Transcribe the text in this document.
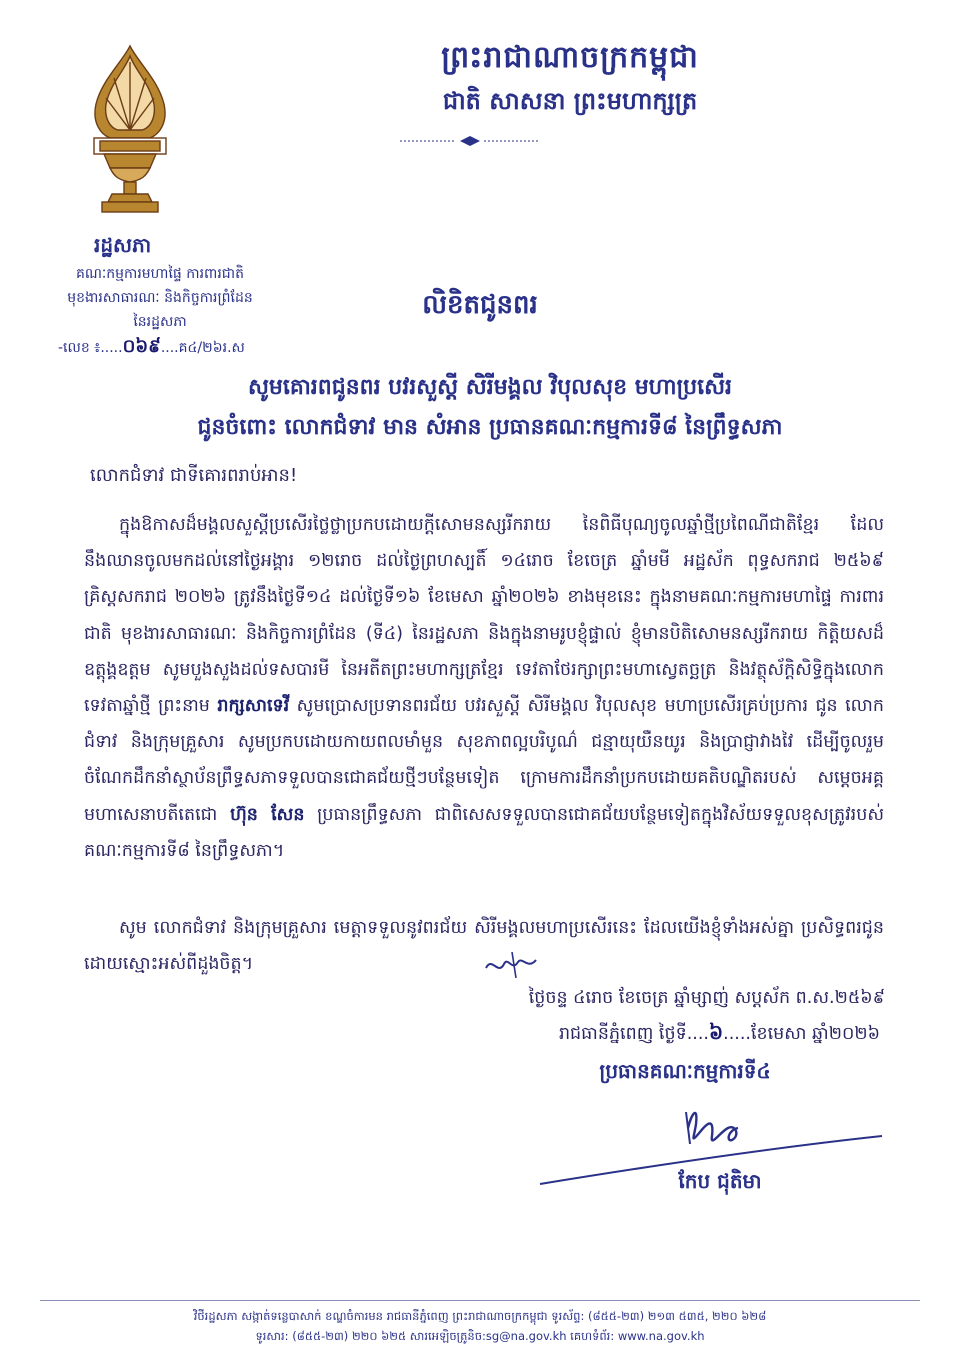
ព្រះរាជាណាចក្រកម្ពុជា
ជាតិ សាសនា ព្រះមហាក្សត្រ
រដ្ឋសភា
គណៈកម្មការមហាផ្ទៃ ការពារជាតិ
មុខងារសាធារណៈ និងកិច្ចការព្រំដែន
នៃរដ្ឋសភា
-លេខ ៖.....០៦៩....គ៤/២៦រ.ស
លិខិតជូនពរ
សូមគោរពជូនពរ បវរសួស្តី សិរីមង្គល វិបុលសុខ មហាប្រសើរ
ជូនចំពោះ លោកជំទាវ មាន សំអាន ប្រធានគណៈកម្មការទី៨ នៃព្រឹទ្ធសភា
លោកជំទាវ ជាទីគោរពរាប់អាន!

  ក្នុងឱកាសដ៏មង្គលសួស្តីប្រសើរថ្លៃថ្លាប្រកបដោយក្តីសោមនស្សរីករាយ នៃពិធីបុណ្យចូលឆ្នាំថ្មីប្រពៃណីជាតិខ្មែរ ដែលនឹងឈានចូលមកដល់នៅថ្ងៃអង្គារ ១២រោច ដល់ថ្ងៃព្រហស្បតិ៍ ១៤រោច ខែចេត្រ ឆ្នាំមមី អដ្ឋស័ក ពុទ្ធសករាជ ២៥៦៩ គ្រិស្តសករាជ ២០២៦ ត្រូវនឹងថ្ងៃទី១៤ ដល់ថ្ងៃទី១៦ ខែមេសា ឆ្នាំ២០២៦ ខាងមុខនេះ ក្នុងនាមគណៈកម្មការមហាផ្ទៃ ការពារជាតិ មុខងារសាធារណៈ និងកិច្ចការព្រំដែន (ទី៤) នៃរដ្ឋសភា និងក្នុងនាមរូបខ្ញុំផ្ទាល់ ខ្ញុំមានបិតិសោមនស្សរីករាយ កិត្តិយសដ៏ឧត្តុង្គឧត្តម សូមបួងសួងដល់ទសបារមី នៃអតីតព្រះមហាក្សត្រខ្មែរ ទេវតាថែរក្សាព្រះមហាស្វេតច្ឆត្រ និងវត្ថុស័ក្តិសិទ្ធិក្នុងលោក ទេវតាឆ្នាំថ្មី ព្រះនាម រាក្សសាទេវី សូមប្រោសប្រទានពរជ័យ បវរសួស្តី សិរីមង្គល វិបុលសុខ មហាប្រសើរគ្រប់ប្រការ ជូន លោកជំទាវ និងក្រុមគ្រួសារ សូមប្រកបដោយកាយពលមាំមួន សុខភាពល្អបរិបូណ៌ ជន្មាយុយឺនយូរ និងប្រាជ្ញាវាងវៃ ដើម្បីចូលរួមចំណែកដឹកនាំស្ថាប័នព្រឹទ្ធសភាទទួលបានជោគជ័យថ្មីៗបន្ថែមទៀត ក្រោមការដឹកនាំប្រកបដោយគតិបណ្ឌិតរបស់ សម្តេចអគ្គមហាសេនាបតីតេជោ ហ៊ុន សែន ប្រធានព្រឹទ្ធសភា ជាពិសេសទទួលបានជោគជ័យបន្ថែមទៀតក្នុងវិស័យទទួលខុសត្រូវរបស់គណៈកម្មការទី៨ នៃព្រឹទ្ធសភា។

  សូម លោកជំទាវ និងក្រុមគ្រួសារ មេត្តាទទួលនូវពរជ័យ សិរីមង្គលមហាប្រសើរនេះ ដែលយើងខ្ញុំទាំងអស់គ្នា ប្រសិទ្ធពរជូនដោយស្មោះអស់ពីដួងចិត្ត។

ថ្ងៃចន្ទ ៤រោច ខែចេត្រ ឆ្នាំម្សាញ់ សប្តស័ក ព.ស.២៥៦៩
រាជធានីភ្នំពេញ ថ្ងៃទី....៦.....ខែមេសា ឆ្នាំ២០២៦
ប្រធានគណៈកម្មការទី៤
កែប ជុតិមា
វិថីរដ្ឋសភា សង្កាត់ទន្លេបាសាក់ ខណ្ឌចំការមន រាជធានីភ្នំពេញ ព្រះរាជាណាចក្រកម្ពុជា ទូរស័ព្ទ: (៨៥៥-២៣) ២១៣ ៥៣៥, ២២០ ៦២៨
ទូរសារ: (៨៥៥-២៣) ២២០ ៦២៥ សារអេឡិចត្រូនិច:sg@na.gov.kh គេហទំព័រ: www.na.gov.kh
